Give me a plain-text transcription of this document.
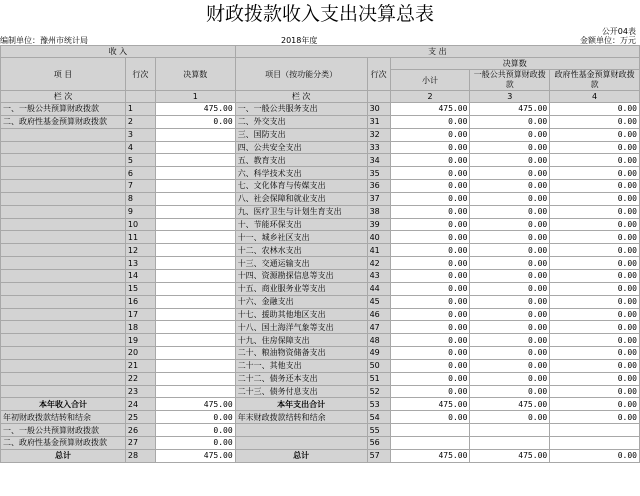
财政拨款收入支出决算总表
公开04表
编制单位：豫州市统计局	2018年度	金额单位：万元
收 入			支 出				
项 目	行次	决算数	项目（按功能分类）	行次	决算数		
					小计	一般公共预算财政拨款	政府性基金预算财政拨款

栏 次		1	栏 次		2	3	4
一、一般公共预算财政拨款	1	475.00	一、一般公共服务支出	30	475.00	475.00	0.00
二、政府性基金预算财政拨款	2	0.00	二、外交支出	31	0.00	0.00	0.00
	3		三、国防支出	32	0.00	0.00	0.00
	4		四、公共安全支出	33	0.00	0.00	0.00
	5		五、教育支出	34	0.00	0.00	0.00
	6		六、科学技术支出	35	0.00	0.00	0.00
	7		七、文化体育与传媒支出	36	0.00	0.00	0.00
	8		八、社会保障和就业支出	37	0.00	0.00	0.00
	9		九、医疗卫生与计划生育支出	38	0.00	0.00	0.00
	10		十、节能环保支出	39	0.00	0.00	0.00
	11		十一、城乡社区支出	40	0.00	0.00	0.00
	12		十二、农林水支出	41	0.00	0.00	0.00
	13		十三、交通运输支出	42	0.00	0.00	0.00
	14		十四、资源勘探信息等支出	43	0.00	0.00	0.00
	15		十五、商业服务业等支出	44	0.00	0.00	0.00
	16		十六、金融支出	45	0.00	0.00	0.00
	17		十七、援助其他地区支出	46	0.00	0.00	0.00
	18		十八、国土海洋气象等支出	47	0.00	0.00	0.00
	19		十九、住房保障支出	48	0.00	0.00	0.00
	20		二十、粮油物资储备支出	49	0.00	0.00	0.00
	21		二十一、其他支出	50	0.00	0.00	0.00
	22		二十二、债务还本支出	51	0.00	0.00	0.00
	23		二十三、债务付息支出	52	0.00	0.00	0.00
本年收入合计	24	475.00	本年支出合计	53	475.00	475.00	0.00
年初财政拨款结转和结余	25	0.00	年末财政拨款结转和结余	54	0.00	0.00	0.00
一、一般公共预算财政拨款	26	0.00		55			
二、政府性基金预算财政拨款	27	0.00		56			
总计	28	475.00	总计	57	475.00	475.00	0.00
